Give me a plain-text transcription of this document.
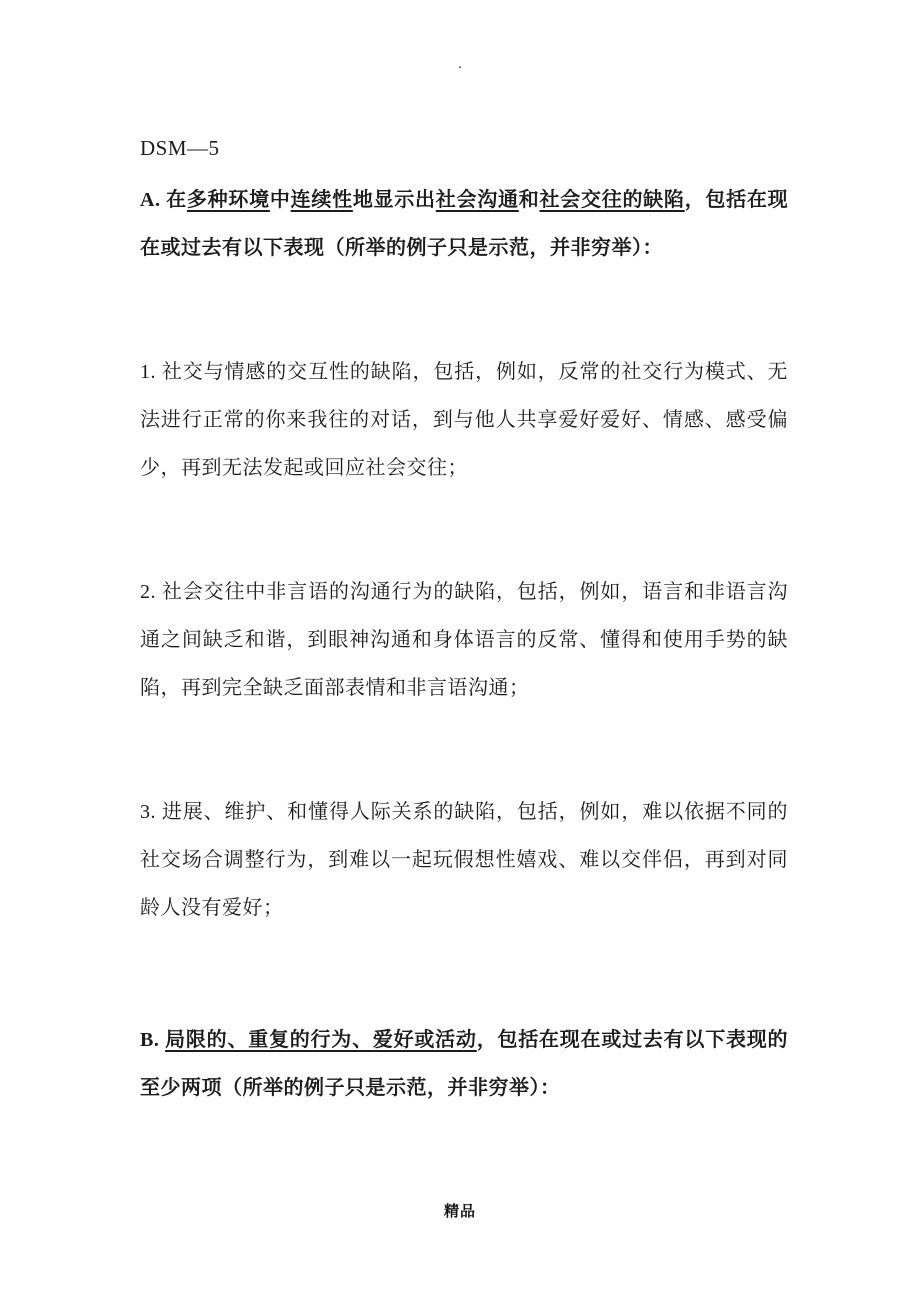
·
DSM—5

A. 在多种环境中连续性地显示出社会沟通和社会交往的缺陷，包括在现在或过去有以下表现（所举的例子只是示范，并非穷举）：

1. 社交与情感的交互性的缺陷，包括，例如，反常的社交行为模式、无法进行正常的你来我往的对话，到与他人共享爱好爱好、情感、感受偏少，再到无法发起或回应社会交往；

2. 社会交往中非言语的沟通行为的缺陷，包括，例如，语言和非语言沟通之间缺乏和谐，到眼神沟通和身体语言的反常、懂得和使用手势的缺陷，再到完全缺乏面部表情和非言语沟通；

3. 进展、维护、和懂得人际关系的缺陷，包括，例如，难以依据不同的社交场合调整行为，到难以一起玩假想性嬉戏、难以交伴侣，再到对同龄人没有爱好；

B. 局限的、重复的行为、爱好或活动，包括在现在或过去有以下表现的至少两项（所举的例子只是示范，并非穷举）：

精品
